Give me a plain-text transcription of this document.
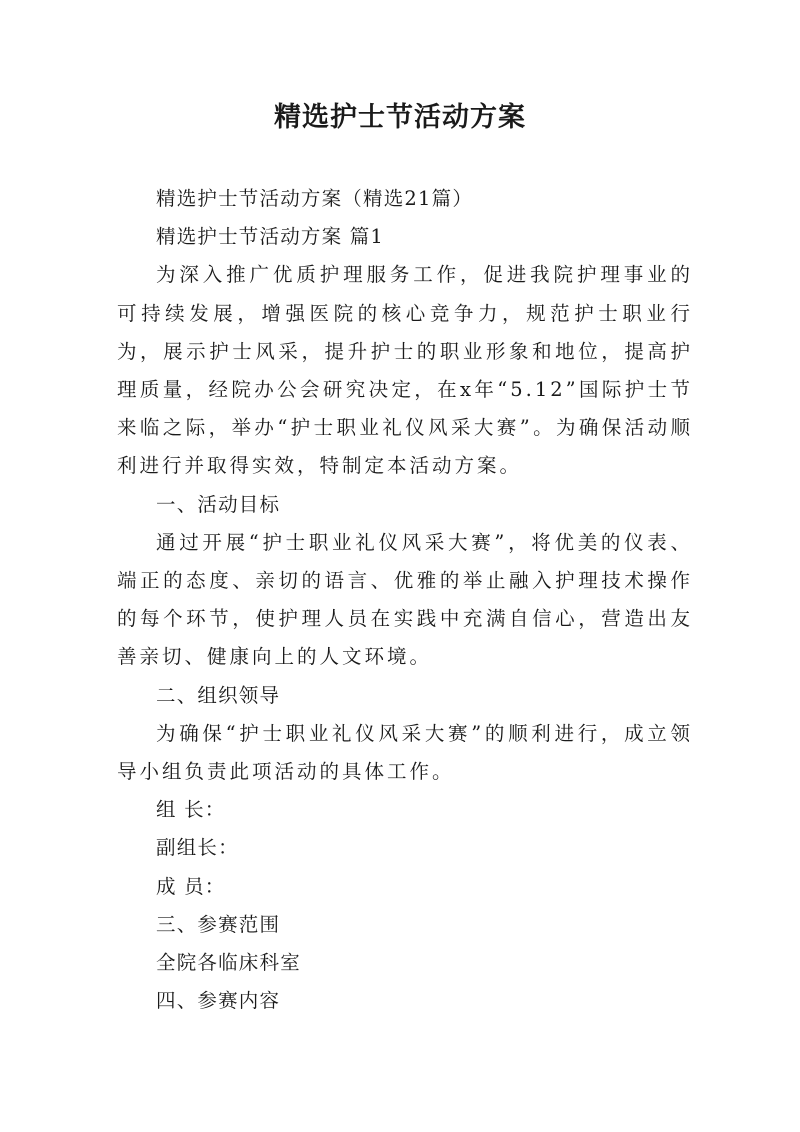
精选护士节活动方案

精选护士节活动方案（精选21篇）

精选护士节活动方案 篇1

为深入推广优质护理服务工作，促进我院护理事业的可持续发展，增强医院的核心竞争力，规范护士职业行为，展示护士风采，提升护士的职业形象和地位，提高护理质量，经院办公会研究决定，在x年“5.12”国际护士节来临之际，举办“护士职业礼仪风采大赛”。为确保活动顺利进行并取得实效，特制定本活动方案。

一、活动目标

通过开展“护士职业礼仪风采大赛”，将优美的仪表、端正的态度、亲切的语言、优雅的举止融入护理技术操作的每个环节，使护理人员在实践中充满自信心，营造出友善亲切、健康向上的人文环境。

二、组织领导

为确保“护士职业礼仪风采大赛”的顺利进行，成立领导小组负责此项活动的具体工作。

组 长：

副组长：

成 员：

三、参赛范围

全院各临床科室

四、参赛内容
